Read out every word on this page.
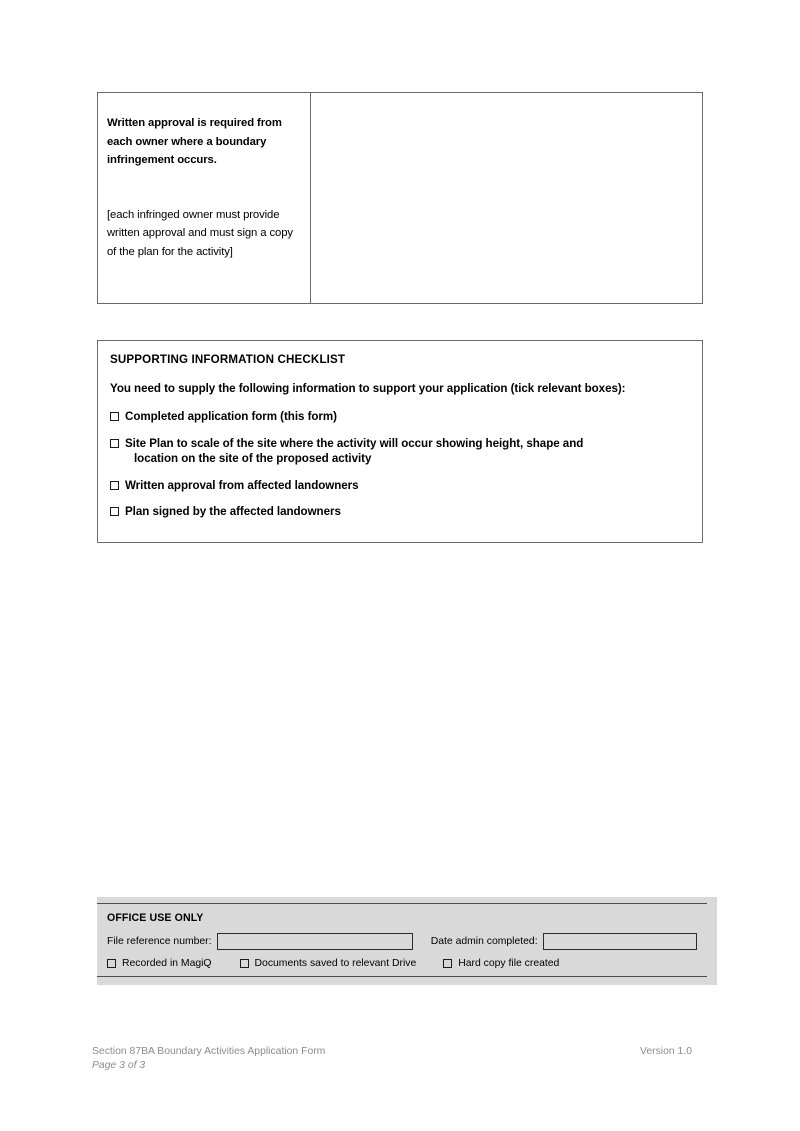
Written approval is required from each owner where a boundary infringement occurs.

[each infringed owner must provide written approval and must sign a copy of the plan for the activity]

SUPPORTING INFORMATION CHECKLIST
You need to supply the following information to support your application (tick relevant boxes):
Completed application form (this form)
Site Plan to scale of the site where the activity will occur showing height, shape and
location on the site of the proposed activity
Written approval from affected landowners
Plan signed by the affected landowners
OFFICE USE ONLY
File reference number:	Date admin completed:
Recorded in MagiQ	Documents saved to relevant Drive	Hard copy file created
Section 87BA Boundary Activities Application Form	Version 1.0
Page 3 of 3
